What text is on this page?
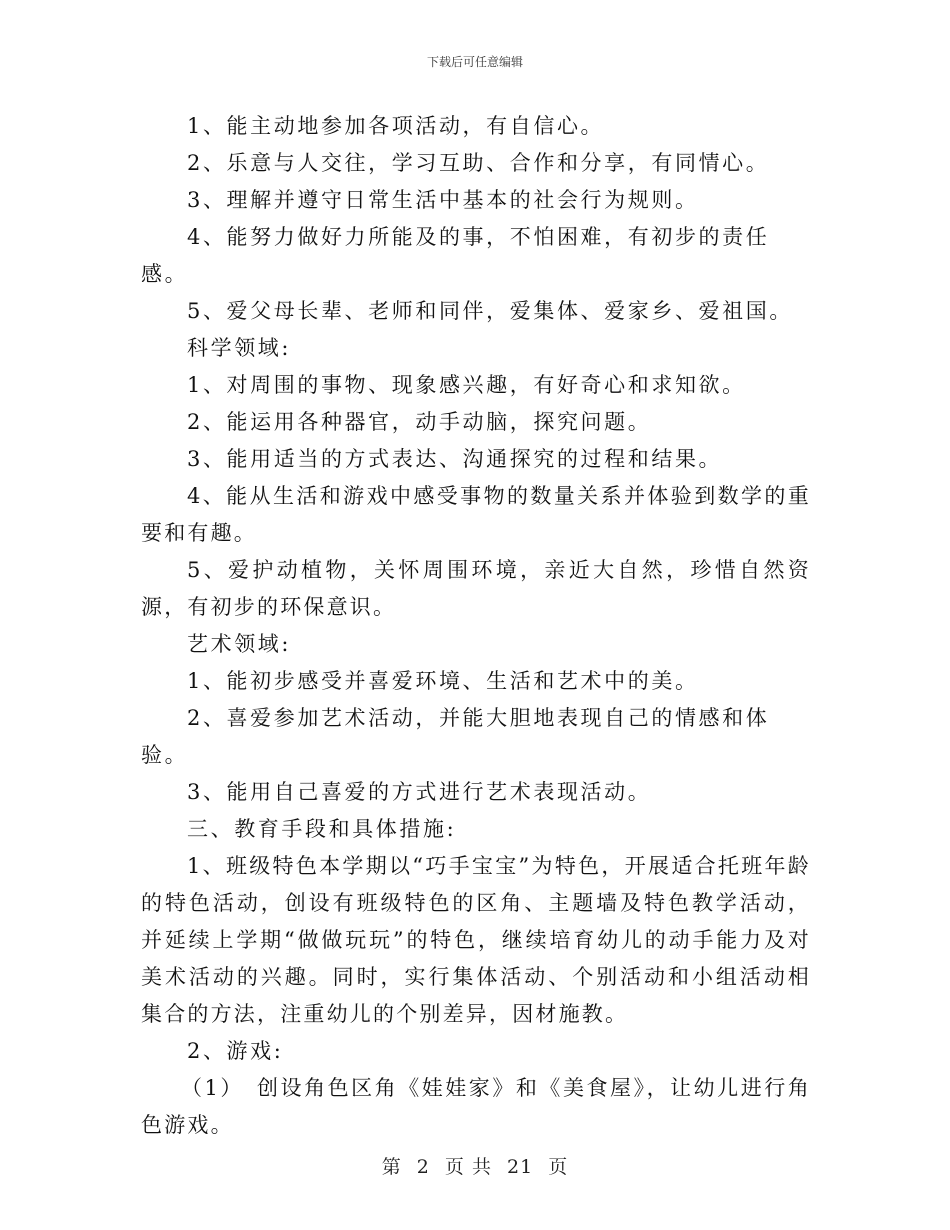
下载后可任意编辑

1、能主动地参加各项活动，有自信心。

2、乐意与人交往，学习互助、合作和分享，有同情心。

3、理解并遵守日常生活中基本的社会行为规则。

4、能努力做好力所能及的事，不怕困难，有初步的责任感。

5、爱父母长辈、老师和同伴，爱集体、爱家乡、爱祖国。

科学领域:

1、对周围的事物、现象感兴趣，有好奇心和求知欲。

2、能运用各种器官，动手动脑，探究问题。

3、能用适当的方式表达、沟通探究的过程和结果。

4、能从生活和游戏中感受事物的数量关系并体验到数学的重要和有趣。

5、爱护动植物，关怀周围环境，亲近大自然，珍惜自然资源，有初步的环保意识。

艺术领域:

1、能初步感受并喜爱环境、生活和艺术中的美。

2、喜爱参加艺术活动，并能大胆地表现自己的情感和体验。

3、能用自己喜爱的方式进行艺术表现活动。

三、教育手段和具体措施:

1、班级特色本学期以“巧手宝宝”为特色，开展适合托班年龄的特色活动，创设有班级特色的区角、主题墙及特色教学活动，并延续上学期“做做玩玩”的特色，继续培育幼儿的动手能力及对美术活动的兴趣。同时，实行集体活动、个别活动和小组活动相集合的方法，注重幼儿的个别差异，因材施教。

2、游戏:

（1）　创设角色区角《娃娃家》和《美食屋》，让幼儿进行角色游戏。

第 2 页 共 21 页
